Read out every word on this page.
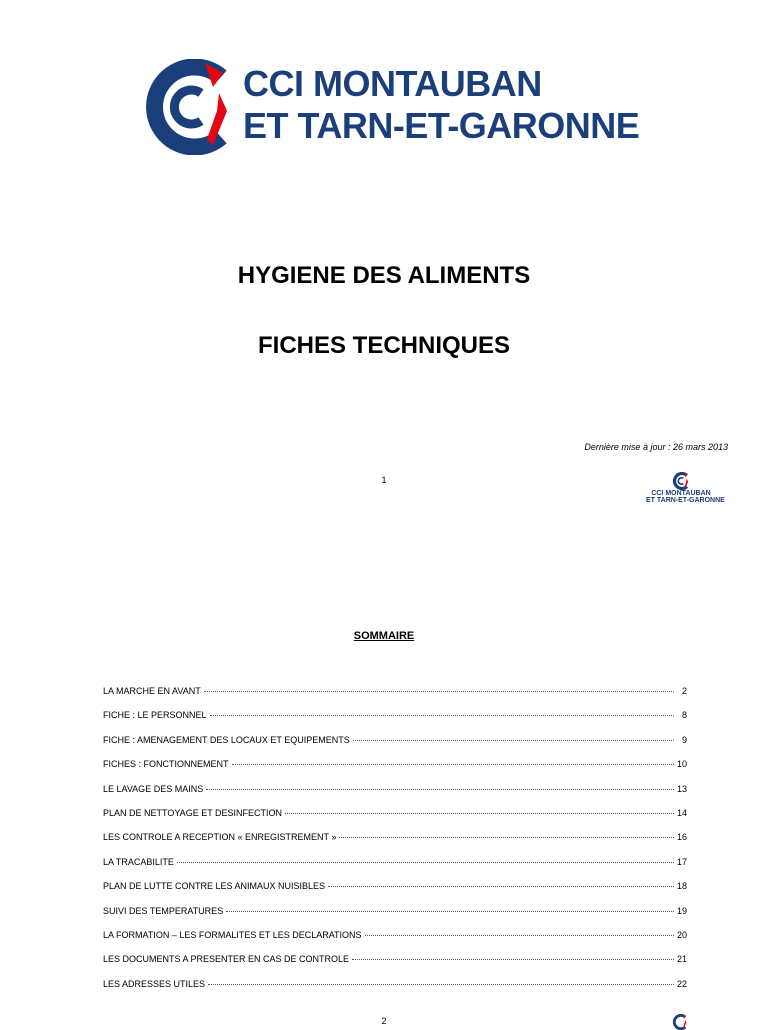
CCI MONTAUBAN
ET TARN-ET-GARONNE
HYGIENE DES ALIMENTS
FICHES TECHNIQUES
Dernière mise à jour : 26 mars 2013
1
CCI MONTAUBAN
ET TARN-ET-GARONNE
SOMMAIRE
LA MARCHE EN AVANT	2
FICHE : LE PERSONNEL	8
FICHE : AMENAGEMENT DES LOCAUX ET EQUIPEMENTS	9
FICHES : FONCTIONNEMENT	10
LE LAVAGE DES MAINS	13
PLAN DE NETTOYAGE ET DESINFECTION	14
LES CONTROLE A RECEPTION « ENREGISTREMENT »	16
LA TRACABILITE	17
PLAN DE LUTTE CONTRE LES ANIMAUX NUISIBLES	18
SUIVI DES TEMPERATURES	19
LA FORMATION – LES FORMALITES ET LES DECLARATIONS	20
LES DOCUMENTS A PRESENTER EN CAS DE CONTROLE	21
LES ADRESSES UTILES	22
2
